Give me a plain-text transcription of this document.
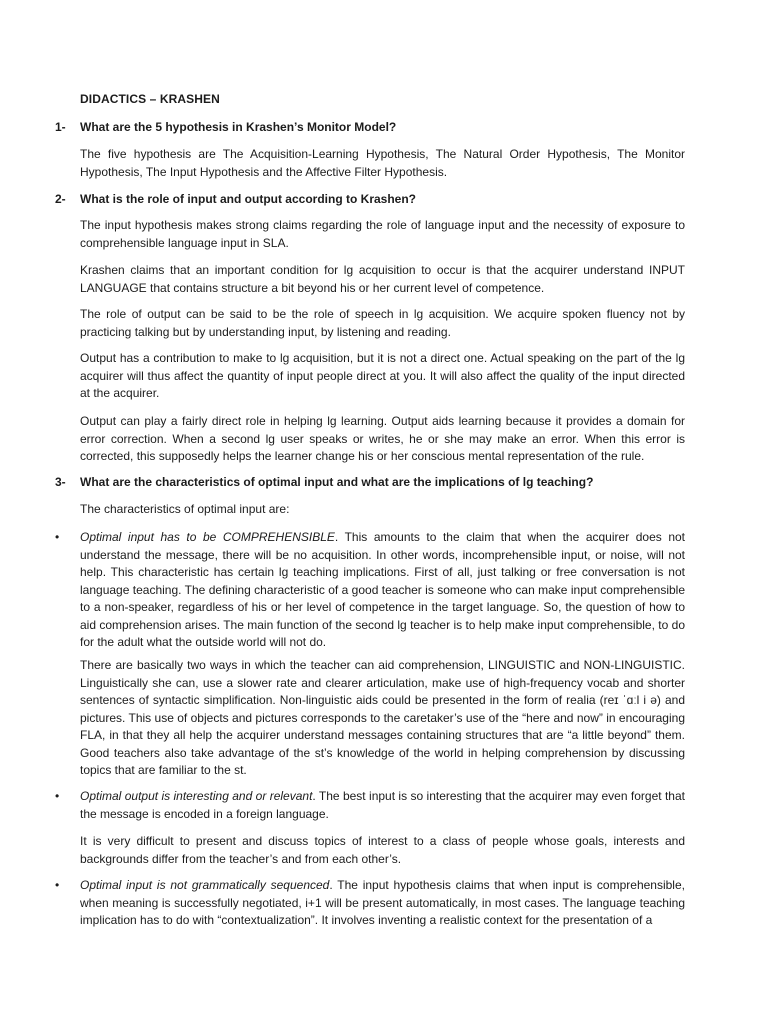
DIDACTICS – KRASHEN
1- What are the 5 hypothesis in Krashen’s Monitor Model?
The five hypothesis are The Acquisition-Learning Hypothesis, The Natural Order Hypothesis, The Monitor Hypothesis, The Input Hypothesis and the Affective Filter Hypothesis.
2- What is the role of input and output according to Krashen?
The input hypothesis makes strong claims regarding the role of language input and the necessity of exposure to comprehensible language input in SLA.
Krashen claims that an important condition for lg acquisition to occur is that the acquirer understand INPUT LANGUAGE that contains structure a bit beyond his or her current level of competence.
The role of output can be said to be the role of speech in lg acquisition. We acquire spoken fluency not by practicing talking but by understanding input, by listening and reading.
Output has a contribution to make to lg acquisition, but it is not a direct one. Actual speaking on the part of the lg acquirer will thus affect the quantity of input people direct at you. It will also affect the quality of the input directed at the acquirer.
Output can play a fairly direct role in helping lg learning. Output aids learning because it provides a domain for error correction. When a second lg user speaks or writes, he or she may make an error. When this error is corrected, this supposedly helps the learner change his or her conscious mental representation of the rule.
3- What are the characteristics of optimal input and what are the implications of lg teaching?
The characteristics of optimal input are:
• Optimal input has to be COMPREHENSIBLE. This amounts to the claim that when the acquirer does not understand the message, there will be no acquisition. In other words, incomprehensible input, or noise, will not help. This characteristic has certain lg teaching implications. First of all, just talking or free conversation is not language teaching. The defining characteristic of a good teacher is someone who can make input comprehensible to a non-speaker, regardless of his or her level of competence in the target language. So, the question of how to aid comprehension arises. The main function of the second lg teacher is to help make input comprehensible, to do for the adult what the outside world will not do.
There are basically two ways in which the teacher can aid comprehension, LINGUISTIC and NON-LINGUISTIC. Linguistically she can, use a slower rate and clearer articulation, make use of high-frequency vocab and shorter sentences of syntactic simplification. Non-linguistic aids could be presented in the form of realia (reɪ ˈɑːl i ə) and pictures. This use of objects and pictures corresponds to the caretaker’s use of the “here and now” in encouraging FLA, in that they all help the acquirer understand messages containing structures that are “a little beyond” them. Good teachers also take advantage of the st’s knowledge of the world in helping comprehension by discussing topics that are familiar to the st.
• Optimal output is interesting and or relevant. The best input is so interesting that the acquirer may even forget that the message is encoded in a foreign language.
It is very difficult to present and discuss topics of interest to a class of people whose goals, interests and backgrounds differ from the teacher’s and from each other’s.
• Optimal input is not grammatically sequenced. The input hypothesis claims that when input is comprehensible, when meaning is successfully negotiated, i+1 will be present automatically, in most cases. The language teaching implication has to do with “contextualization”. It involves inventing a realistic context for the presentation of a
